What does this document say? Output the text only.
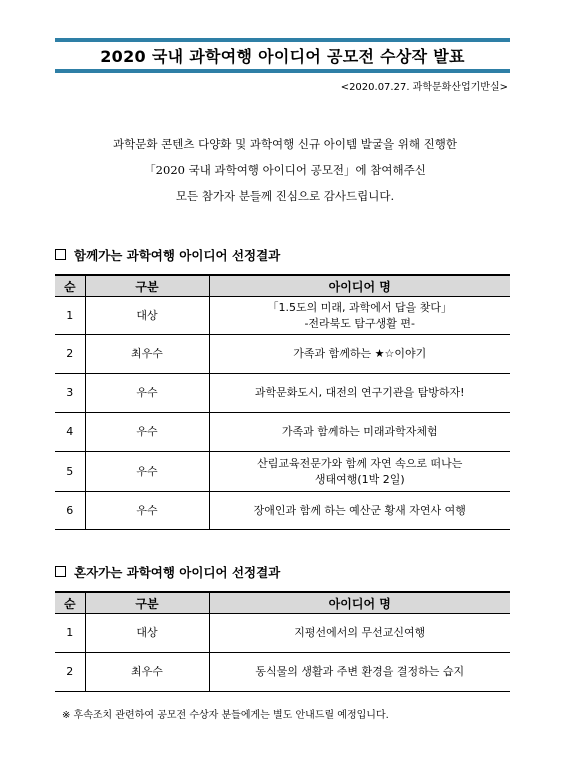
2020 국내 과학여행 아이디어 공모전 수상작 발표
<2020.07.27. 과학문화산업기반실>
과학문화 콘텐츠 다양화 및 과학여행 신규 아이템 발굴을 위해 진행한
「2020 국내 과학여행 아이디어 공모전」에 참여해주신
모든 참가자 분들께 진심으로 감사드립니다.
함께가는 과학여행 아이디어 선정결과
순	구분	아이디어 명
1	대상	「1.5도의 미래, 과학에서 답을 찾다」
-전라북도 탐구생활 편-

2	최우수	가족과 함께하는 ★☆이야기

3	우수	과학문화도시, 대전의 연구기관을 탐방하자!

4	우수	가족과 함께하는 미래과학자체험

5	우수	산림교육전문가와 함께 자연 속으로 떠나는
생태여행(1박 2일)

6	우수	장애인과 함께 하는 예산군 황새 자연사 여행
혼자가는 과학여행 아이디어 선정결과
순	구분	아이디어 명
1	대상	지평선에서의 무선교신여행

2	최우수	동식물의 생활과 주변 환경을 결정하는 습지
※ 후속조치 관련하여 공모전 수상자 분들에게는 별도 안내드릴 예정입니다.
